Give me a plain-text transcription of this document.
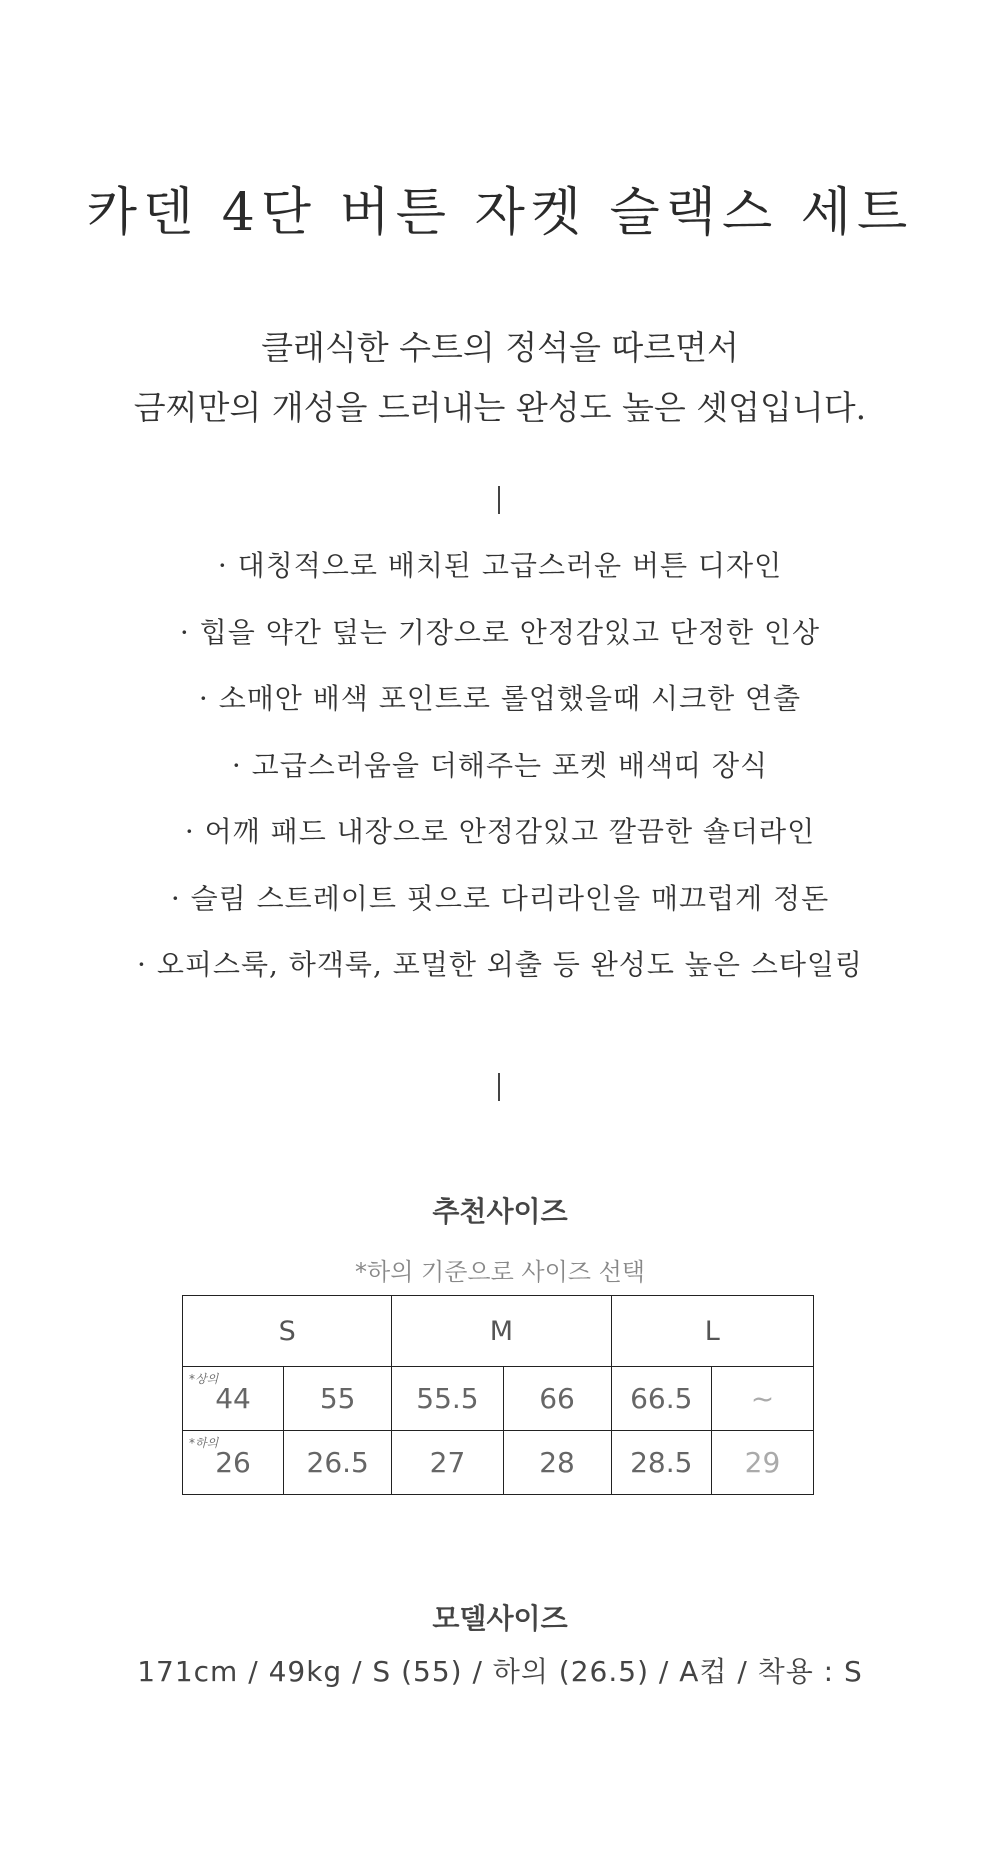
카덴 4단 버튼 자켓 슬랙스 세트
클래식한 수트의 정석을 따르면서
금찌만의 개성을 드러내는 완성도 높은 셋업입니다.
· 대칭적으로 배치된 고급스러운 버튼 디자인
· 힙을 약간 덮는 기장으로 안정감있고 단정한 인상
· 소매안 배색 포인트로 롤업했을때 시크한 연출
· 고급스러움을 더해주는 포켓 배색띠 장식
· 어깨 패드 내장으로 안정감있고 깔끔한 숄더라인
· 슬림 스트레이트 핏으로 다리라인을 매끄럽게 정돈
· 오피스룩, 하객룩, 포멀한 외출 등 완성도 높은 스타일링
추천사이즈
*하의 기준으로 사이즈 선택
S		M		L	

*상의
44	55	55.5	66	66.5	~

*하의
26	26.5	27	28	28.5	29
모델사이즈
171cm / 49kg / S (55) / 하의 (26.5) / A컵 / 착용 : S
